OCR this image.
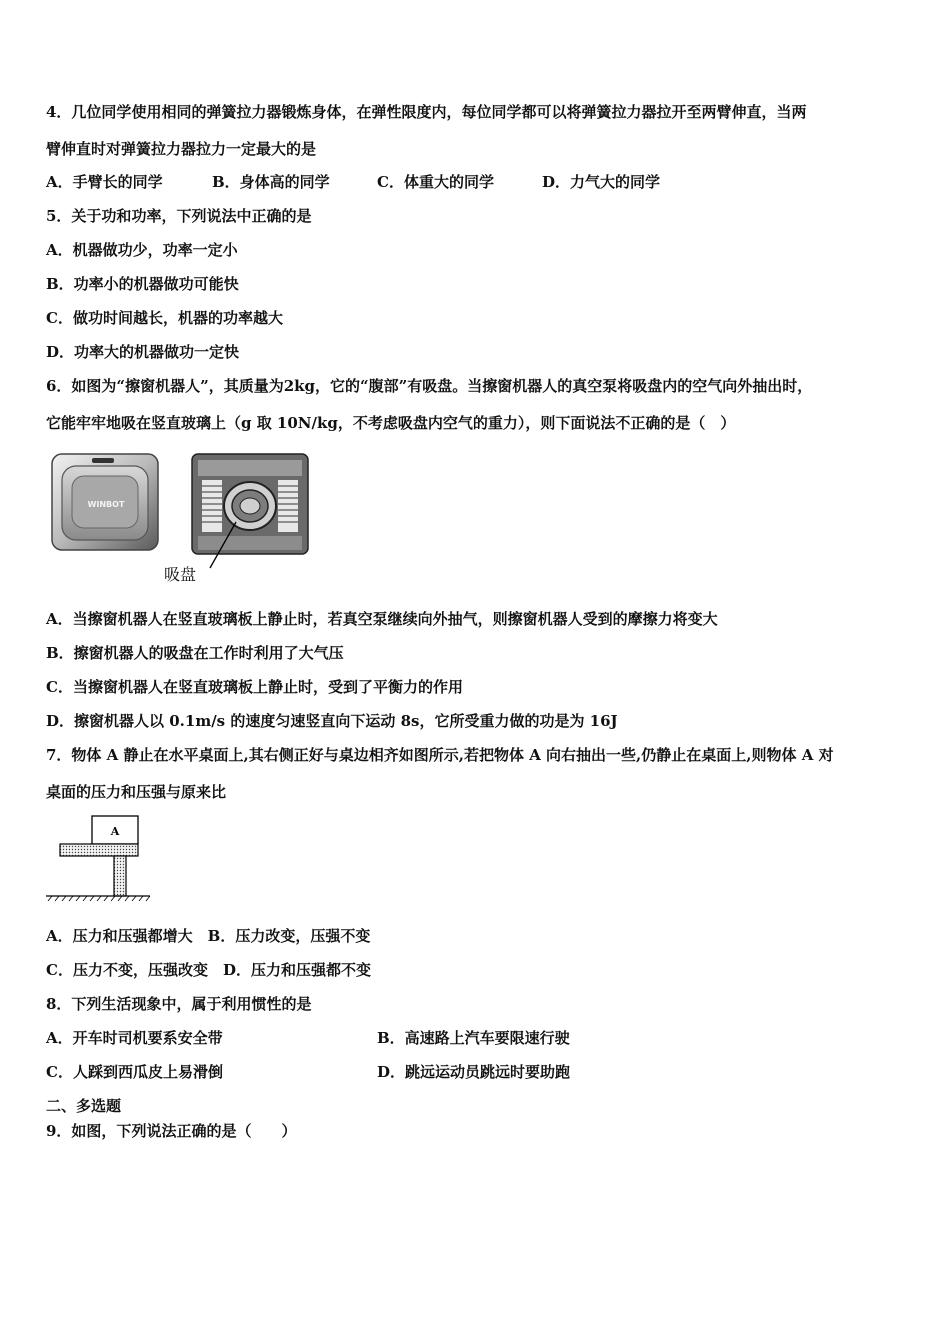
4．几位同学使用相同的弹簧拉力器锻炼身体，在弹性限度内，每位同学都可以将弹簧拉力器拉开至两臂伸直，当两
臂伸直时对弹簧拉力器拉力一定最大的是
A．手臂长的同学	B．身体高的同学	C．体重大的同学	D．力气大的同学
5．关于功和功率，下列说法中正确的是
A．机器做功少，功率一定小
B．功率小的机器做功可能快
C．做功时间越长，机器的功率越大
D．功率大的机器做功一定快
6．如图为“擦窗机器人”，其质量为2kg，它的“腹部”有吸盘。当擦窗机器人的真空泵将吸盘内的空气向外抽出时，
它能牢牢地吸在竖直玻璃上（g 取 10N/kg，不考虑吸盘内空气的重力），则下面说法不正确的是（　）
WINBOT
吸盘
A．当擦窗机器人在竖直玻璃板上静止时，若真空泵继续向外抽气，则擦窗机器人受到的摩擦力将变大
B．擦窗机器人的吸盘在工作时利用了大气压
C．当擦窗机器人在竖直玻璃板上静止时，受到了平衡力的作用
D．擦窗机器人以 0.1m/s 的速度匀速竖直向下运动 8s，它所受重力做的功是为 16J
7．物体 A 静止在水平桌面上,其右侧正好与桌边相齐如图所示,若把物体 A 向右抽出一些,仍静止在桌面上,则物体 A 对
桌面的压力和压强与原来比
A
A．压力和压强都增大　B．压力改变，压强不变
C．压力不变，压强改变　D．压力和压强都不变
8．下列生活现象中，属于利用惯性的是
A．开车时司机要系安全带	B．高速路上汽车要限速行驶
C．人踩到西瓜皮上易滑倒	D．跳远运动员跳远时要助跑
二、多选题
9．如图，下列说法正确的是（　　）
